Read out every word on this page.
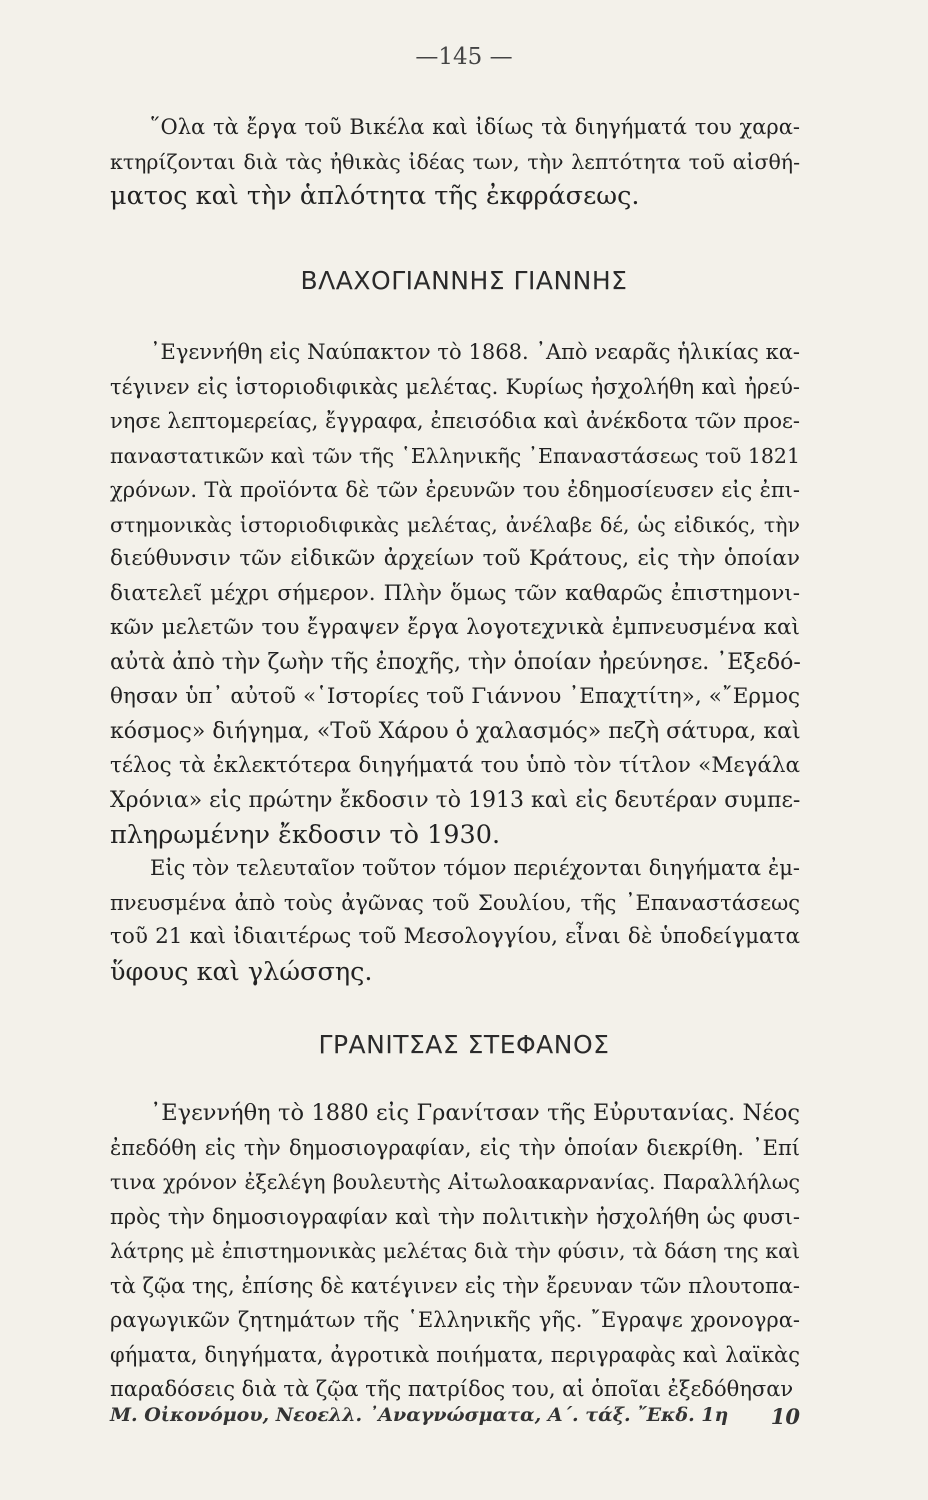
—145 —
῞Ολα τὰ ἔργα τοῦ Βικέλα καὶ ἰδίως τὰ διηγήματά του χαρα-
κτηρίζονται διὰ τὰς ἠθικὰς ἰδέας των, τὴν λεπτότητα τοῦ αἰσθή-
ματος καὶ τὴν ἁπλότητα τῆς ἐκφράσεως.
ΒΛΑΧΟΓΙΑΝΝΗΣ ΓΙΑΝΝΗΣ
᾿Εγεννήθη εἰς Ναύπακτον τὸ 1868. ᾿Απὸ νεαρᾶς ἡλικίας κα-
τέγινεν εἰς ἱστοριοδιφικὰς μελέτας. Κυρίως ἠσχολήθη καὶ ἠρεύ-
νησε λεπτομερείας, ἔγγραφα, ἐπεισόδια καὶ ἀνέκδοτα τῶν προε-
παναστατικῶν καὶ τῶν τῆς ῾Ελληνικῆς ᾿Επαναστάσεως τοῦ 1821
χρόνων. Τὰ προϊόντα δὲ τῶν ἐρευνῶν του ἐδημοσίευσεν εἰς ἐπι-
στημονικὰς ἱστοριοδιφικὰς μελέτας, ἀνέλαβε δέ, ὡς εἰδικός, τὴν
διεύθυνσιν τῶν εἰδικῶν ἀρχείων τοῦ Κράτους, εἰς τὴν ὁποίαν
διατελεῖ μέχρι σήμερον. Πλὴν ὅμως τῶν καθαρῶς ἐπιστημονι-
κῶν μελετῶν του ἔγραψεν ἔργα λογοτεχνικὰ ἐμπνευσμένα καὶ
αὐτὰ ἀπὸ τὴν ζωὴν τῆς ἐποχῆς, τὴν ὁποίαν ἠρεύνησε. ᾿Εξεδό-
θησαν ὑπ᾿ αὐτοῦ «῾Ιστορίες τοῦ Γιάννου ᾿Επαχτίτη», «῎Ερμος
κόσμος» διήγημα, «Τοῦ Χάρου ὁ χαλασμός» πεζὴ σάτυρα, καὶ
τέλος τὰ ἐκλεκτότερα διηγήματά του ὑπὸ τὸν τίτλον «Μεγάλα
Χρόνια» εἰς πρώτην ἔκδοσιν τὸ 1913 καὶ εἰς δευτέραν συμπε-
πληρωμένην ἔκδοσιν τὸ 1930.
Εἰς τὸν τελευταῖον τοῦτον τόμον περιέχονται διηγήματα ἐμ-
πνευσμένα ἀπὸ τοὺς ἀγῶνας τοῦ Σουλίου, τῆς ᾿Επαναστάσεως
τοῦ 21 καὶ ἰδιαιτέρως τοῦ Μεσολογγίου, εἶναι δὲ ὑποδείγματα
ὕφους καὶ γλώσσης.
ΓΡΑΝΙΤΣΑΣ ΣΤΕΦΑΝΟΣ
᾿Εγεννήθη τὸ 1880 εἰς Γρανίτσαν τῆς Εὐρυτανίας. Νέος
ἐπεδόθη εἰς τὴν δημοσιογραφίαν, εἰς τὴν ὁποίαν διεκρίθη. ᾿Επί
τινα χρόνον ἐξελέγη βουλευτὴς Αἰτωλοακαρνανίας. Παραλλήλως
πρὸς τὴν δημοσιογραφίαν καὶ τὴν πολιτικὴν ἠσχολήθη ὡς φυσι-
λάτρης μὲ ἐπιστημονικὰς μελέτας διὰ τὴν φύσιν, τὰ δάση της καὶ
τὰ ζῷα της, ἐπίσης δὲ κατέγινεν εἰς τὴν ἔρευναν τῶν πλουτοπα-
ραγωγικῶν ζητημάτων τῆς ῾Ελληνικῆς γῆς. ῎Εγραψε χρονογρα-
φήματα, διηγήματα, ἀγροτικὰ ποιήματα, περιγραφὰς καὶ λαϊκὰς
παραδόσεις διὰ τὰ ζῷα τῆς πατρίδος του, αἱ ὁποῖαι ἐξεδόθησαν
Μ. Οἰκονόμου, Νεοελλ. ᾿Αναγνώσματα, Α΄. τάξ. ῎Εκδ. 1η 10
